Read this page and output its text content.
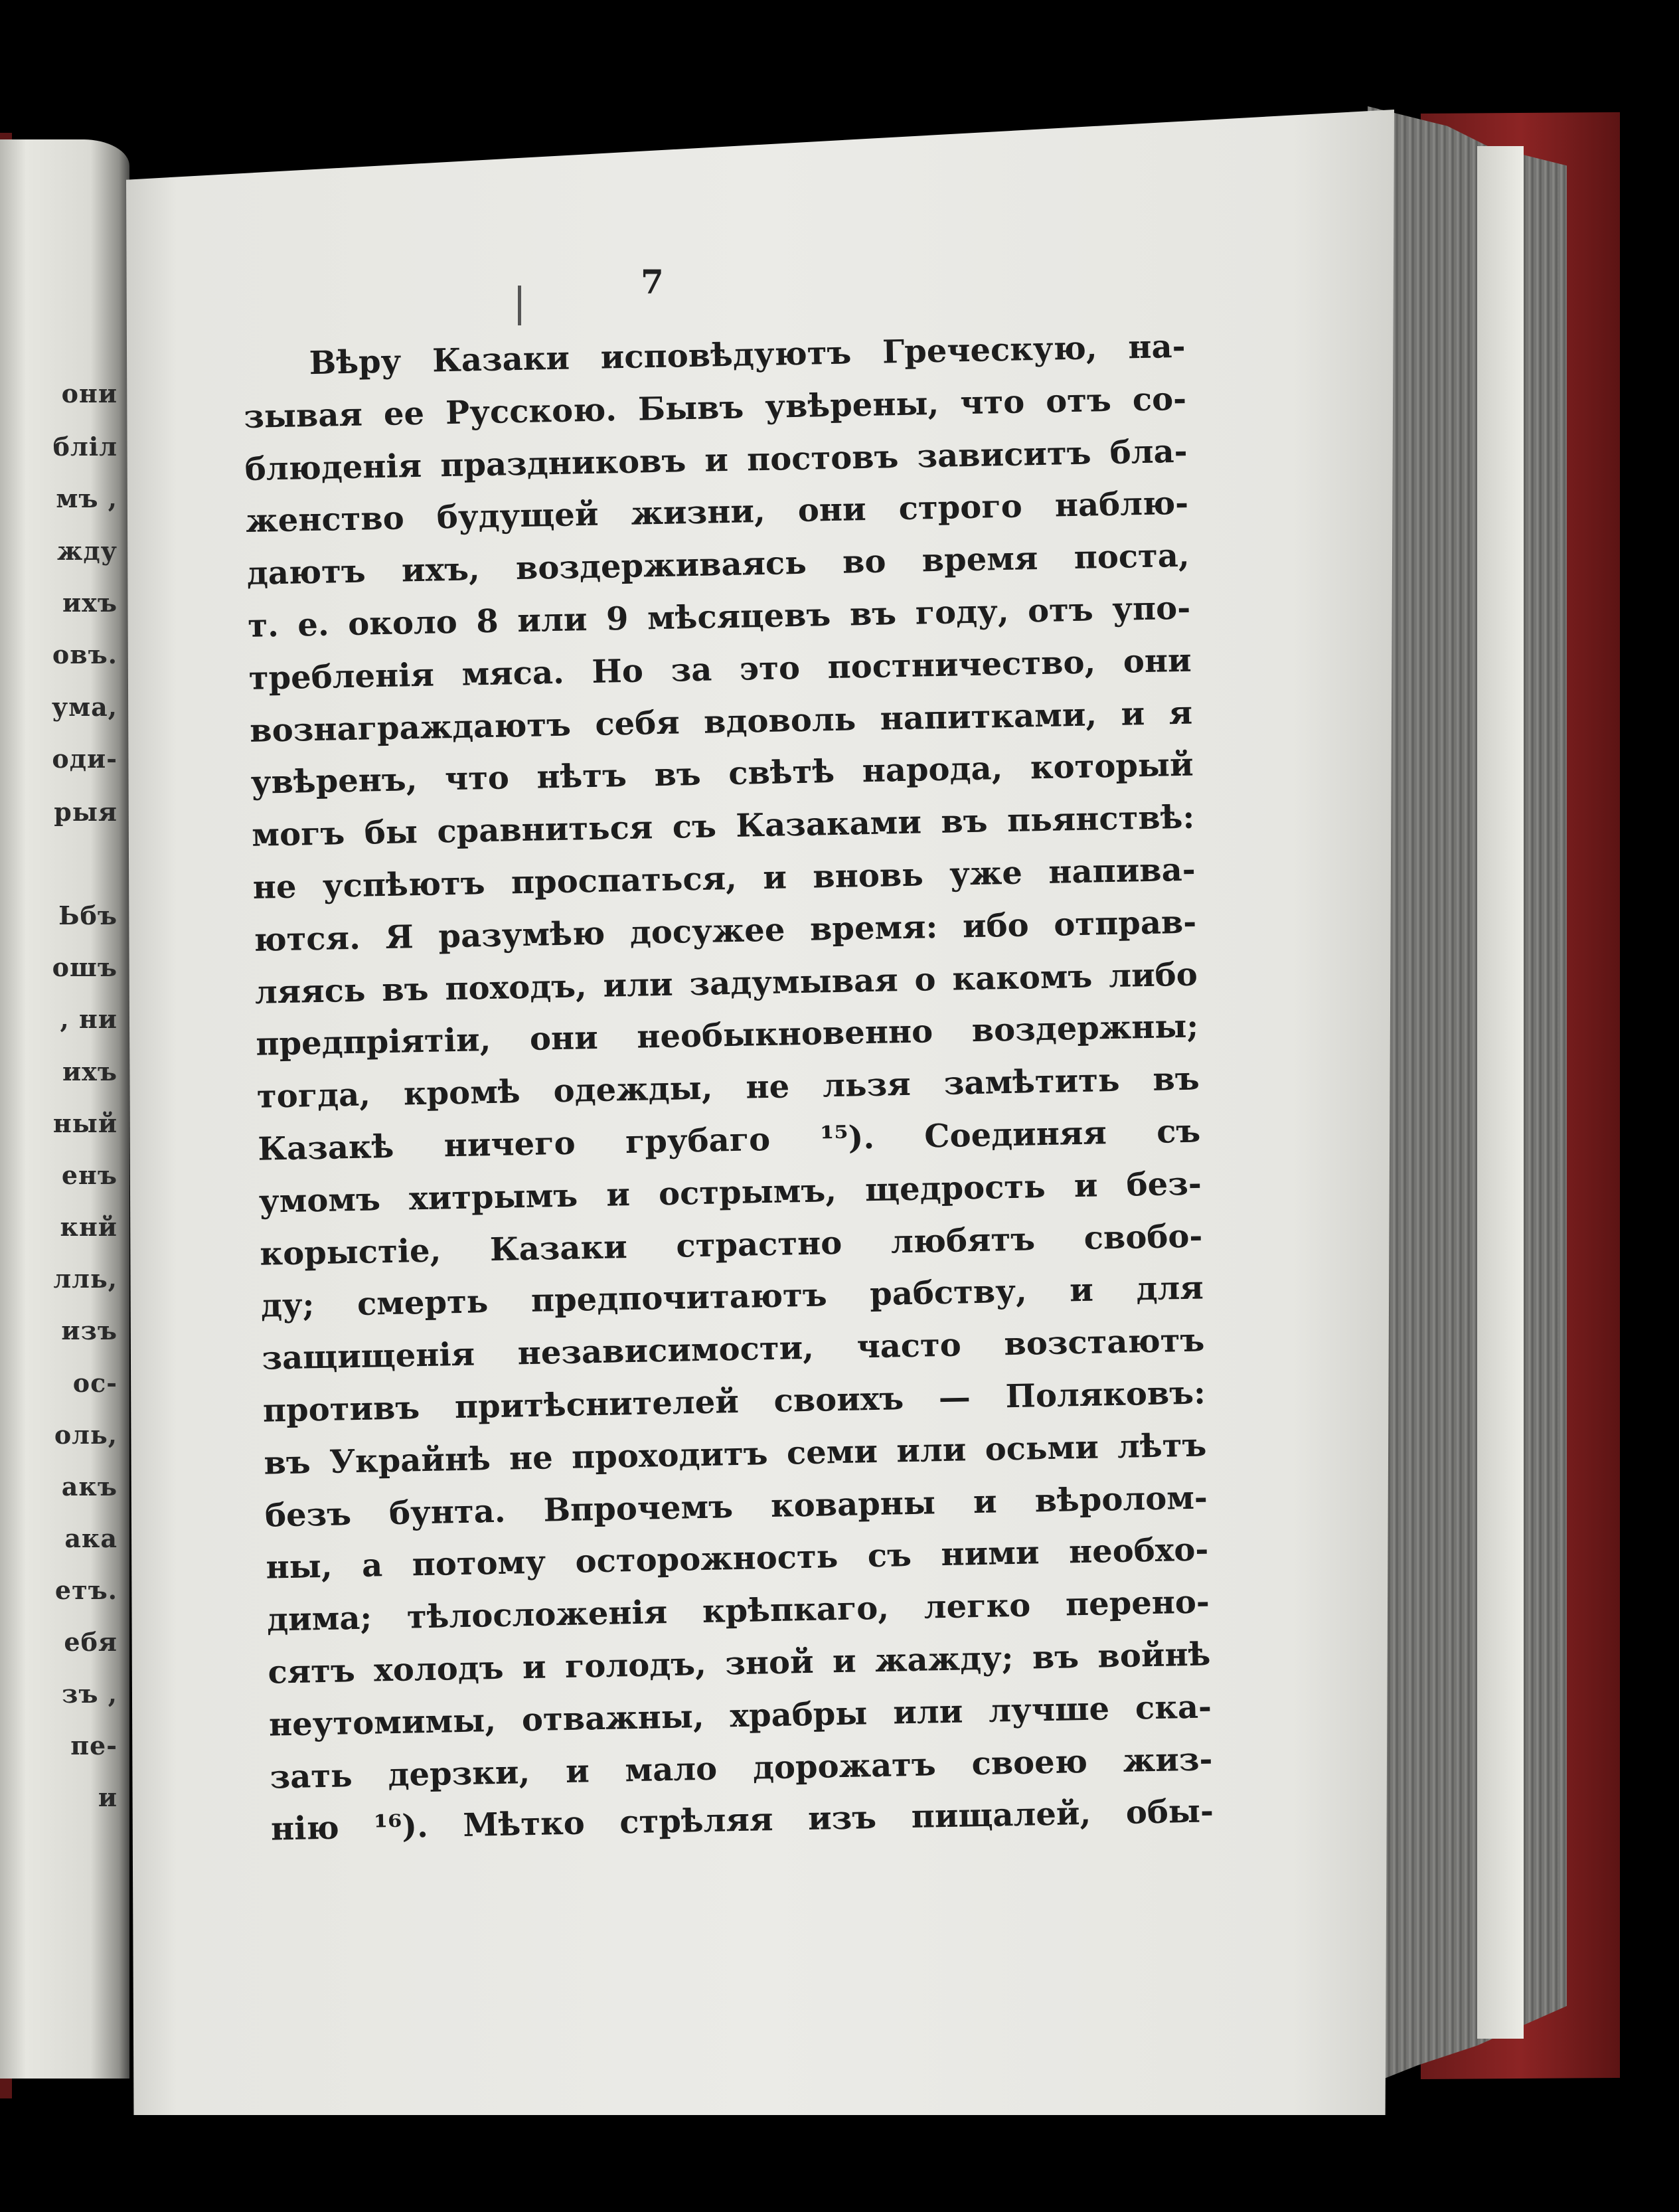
они
бліл
мъ ,
жду
ихъ
овъ.
ума,
оди-
рыя
Ьбъ
ошъ
, ни
ихъ
ный
енъ
кнй
лль,
изъ
ос-
оль,
акъ
ака
етъ.
ебя
зъ ,
пе-
и
7
Вѣру Казаки исповѣдуютъ Греческую, на-
зывая ее Русскою. Бывъ увѣрены, что отъ со-
блюденія праздниковъ и постовъ зависитъ бла-
женство будущей жизни, они строго наблю-
даютъ ихъ, воздерживаясь во время поста,
т. е. около 8 или 9 мѣсяцевъ въ году, отъ упо-
требленія мяса. Но за это постничество, они
вознаграждаютъ себя вдоволь напитками, и я
увѣренъ, что нѣтъ въ свѣтѣ народа, который
могъ бы сравниться съ Казаками въ пьянствѣ:
не успѣютъ проспаться, и вновь уже напива-
ются. Я разумѣю досужее время: ибо отправ-
ляясь въ походъ, или задумывая о какомъ либо
предпріятіи, они необыкновенно воздержны;
тогда, кромѣ одежды, не льзя замѣтить въ
Казакѣ ничего грубаго ¹⁵). Соединяя съ
умомъ хитрымъ и острымъ, щедрость и без-
корыстіе, Казаки страстно любятъ свобо-
ду; смерть предпочитаютъ рабству, и для
защищенія независимости, часто возстаютъ
противъ притѣснителей своихъ — Поляковъ:
въ Украйнѣ не проходитъ семи или осьми лѣтъ
безъ бунта. Впрочемъ коварны и вѣролом-
ны, а потому осторожность съ ними необхо-
дима; тѣлосложенія крѣпкаго, легко перено-
сятъ холодъ и голодъ, зной и жажду; въ войнѣ
неутомимы, отважны, храбры или лучше ска-
зать дерзки, и мало дорожатъ своею жиз-
нію ¹⁶). Мѣтко стрѣляя изъ пищалей, обы-
